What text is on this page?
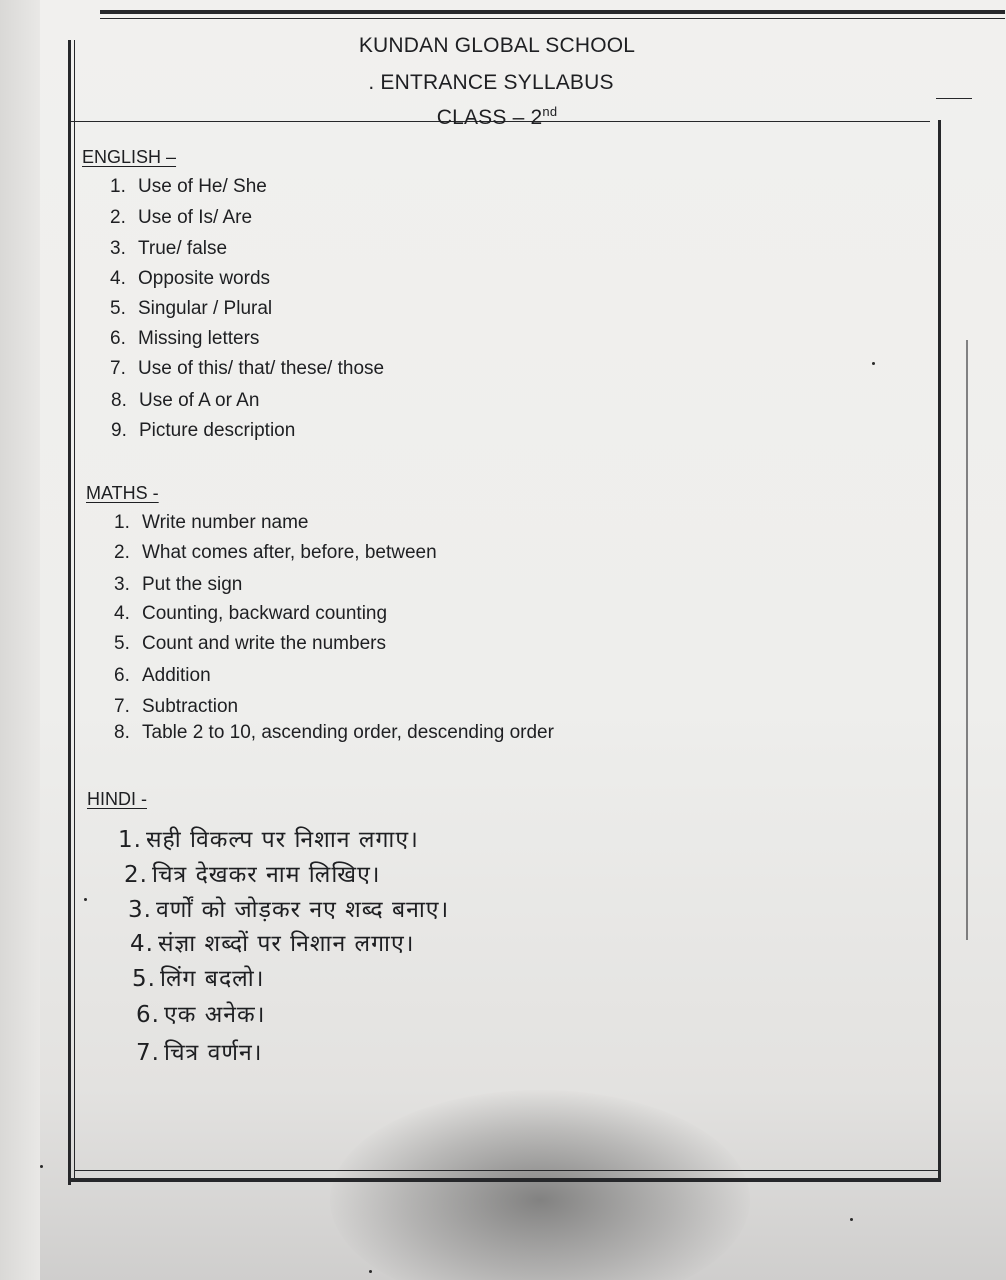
KUNDAN GLOBAL SCHOOL
. ENTRANCE SYLLABUS
CLASS – 2nd
ENGLISH –
1. Use of He/ She
2. Use of Is/ Are
3. True/ false
4. Opposite words
5. Singular / Plural
6. Missing letters
7. Use of this/ that/ these/ those
8. Use of A or An
9. Picture description
MATHS -
1. Write number name
2. What comes after, before, between
3. Put the sign
4. Counting, backward counting
5. Count and write the numbers
6. Addition
7. Subtraction
8. Table 2 to 10, ascending order, descending order
HINDI -
1. सही विकल्प पर निशान लगाए।
2. चित्र देखकर नाम लिखिए।
3. वर्णों को जोड़कर नए शब्द बनाए।
4. संज्ञा शब्दों पर निशान लगाए।
5. लिंग बदलो।
6. एक अनेक।
7. चित्र वर्णन।
